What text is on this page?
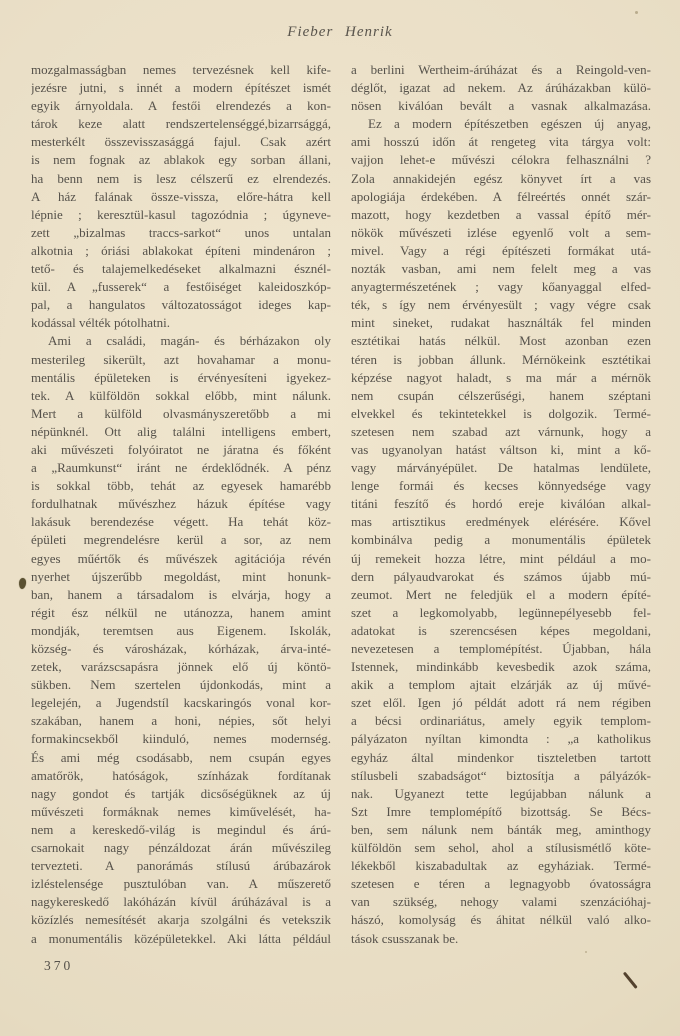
Fieber Henrik
mozgalmasságban nemes tervezésnek kell kife-
jezésre jutni, s innét a modern építészet ismét
egyik árnyoldala. A festői elrendezés a kon-
tárok keze alatt rendszertelenséggé,bizarrsággá,
mesterkélt összevisszasággá fajul. Csak azért
is nem fognak az ablakok egy sorban állani,
ha benn nem is lesz célszerű ez elrendezés.
A ház falának össze-vissza, előre-hátra kell
lépnie ; keresztül-kasul tagozódnia ; úgyneve-
zett „bizalmas traccs-sarkot“ unos untalan
alkotnia ; óriási ablakokat építeni mindenáron ;
tető- és talajemelkedéseket alkalmazni észnél-
kül. A „fusserek“ a festőiséget kaleidoszkóp-
pal, a hangulatos változatosságot ideges kap-
kodással vélték pótolhatni.
Ami a családi, magán- és bérházakon oly
mesterileg sikerült, azt hovahamar a monu-
mentális épületeken is érvényesíteni igyekez-
tek. A külföldön sokkal előbb, mint nálunk.
Mert a külföld olvasmányszeretőbb a mi
népünknél. Ott alig találni intelligens embert,
aki művészeti folyóiratot ne járatna és főként
a „Raumkunst“ iránt ne érdeklődnék. A pénz
is sokkal több, tehát az egyesek hamarébb
fordulhatnak művészhez házuk építése vagy
lakásuk berendezése végett. Ha tehát köz-
épületi megrendelésre kerül a sor, az nem
egyes műértők és művészek agitációja révén
nyerhet újszerűbb megoldást, mint honunk-
ban, hanem a társadalom is elvárja, hogy a
régit ész nélkül ne utánozza, hanem amint
mondják, teremtsen aus Eigenem. Iskolák,
község- és városházak, kórházak, árva-inté-
zetek, varázscsapásra jönnek elő új köntö-
sükben. Nem szertelen újdonkodás, mint a
legelején, a Jugendstíl kacskaringós vonal kor-
szakában, hanem a honi, népies, sőt helyi
formakincsekből kiinduló, nemes modernség.
És ami még csodásabb, nem csupán egyes
amatőrök, hatóságok, színházak fordítanak
nagy gondot és tartják dicsőségüknek az új
művészeti formáknak nemes kiművelését, ha-
nem a kereskedő-világ is megindul és árú-
csarnokait nagy pénzáldozat árán művészileg
tervezteti. A panorámás stílusú árúbazárok
izléstelensége pusztulóban van. A műszerető
nagykereskedő lakóházán kívül árúházával is a
közízlés nemesítését akarja szolgálni és vetekszik
a monumentális középületekkel. Aki látta például
a berlini Wertheim-árúházat és a Reingold-ven-
déglőt, igazat ad nekem. Az árúházakban külö-
nösen kiválóan bevált a vasnak alkalmazása.
Ez a modern építészetben egészen új anyag,
ami hosszú időn át rengeteg vita tárgya volt:
vajjon lehet-e művészi célokra felhasználni ?
Zola annakidején egész könyvet írt a vas
apologiája érdekében. A félreértés onnét szár-
mazott, hogy kezdetben a vassal építő mér-
nökök művészeti izlése egyenlő volt a sem-
mivel. Vagy a régi építészeti formákat utá-
nozták vasban, ami nem felelt meg a vas
anyagtermészetének ; vagy kőanyaggal elfed-
ték, s így nem érvényesült ; vagy végre csak
mint sineket, rudakat használták fel minden
esztétikai hatás nélkül. Most azonban ezen
téren is jobban állunk. Mérnökeink esztétikai
képzése nagyot haladt, s ma már a mérnök
nem csupán célszerűségi, hanem széptani
elvekkel és tekintetekkel is dolgozik. Termé-
szetesen nem szabad azt várnunk, hogy a
vas ugyanolyan hatást váltson ki, mint a kő-
vagy márványépület. De hatalmas lendülete,
lenge formái és kecses könnyedsége vagy
titáni feszítő és hordó ereje kiválóan alkal-
mas artisztikus eredmények elérésére. Kővel
kombinálva pedig a monumentális épületek
új remekeit hozza létre, mint például a mo-
dern pályaudvarokat és számos újabb mú-
zeumot. Mert ne feledjük el a modern építé-
szet a legkomolyabb, legünnepélyesebb fel-
adatokat is szerencsésen képes megoldani,
nevezetesen a templomépítést. Újabban, hála
Istennek, mindinkább kevesbedik azok száma,
akik a templom ajtait elzárják az új művé-
szet elől. Igen jó példát adott rá nem régiben
a bécsi ordinariátus, amely egyik templom-
pályázaton nyíltan kimondta : „a katholikus
egyház által mindenkor tiszteletben tartott
stílusbeli szabadságot“ biztosítja a pályázók-
nak. Ugyanezt tette legújabban nálunk a
Szt Imre templomépítő bizottság. Se Bécs-
ben, sem nálunk nem bánták meg, aminthogy
külföldön sem sehol, ahol a stílusismétlő köte-
lékekből kiszabadultak az egyháziak. Termé-
szetesen e téren a legnagyobb óvatosságra
van szükség, nehogy valami szenzációhaj-
hászó, komolyság és áhitat nélkül való alko-
tások csusszanak be.
370
